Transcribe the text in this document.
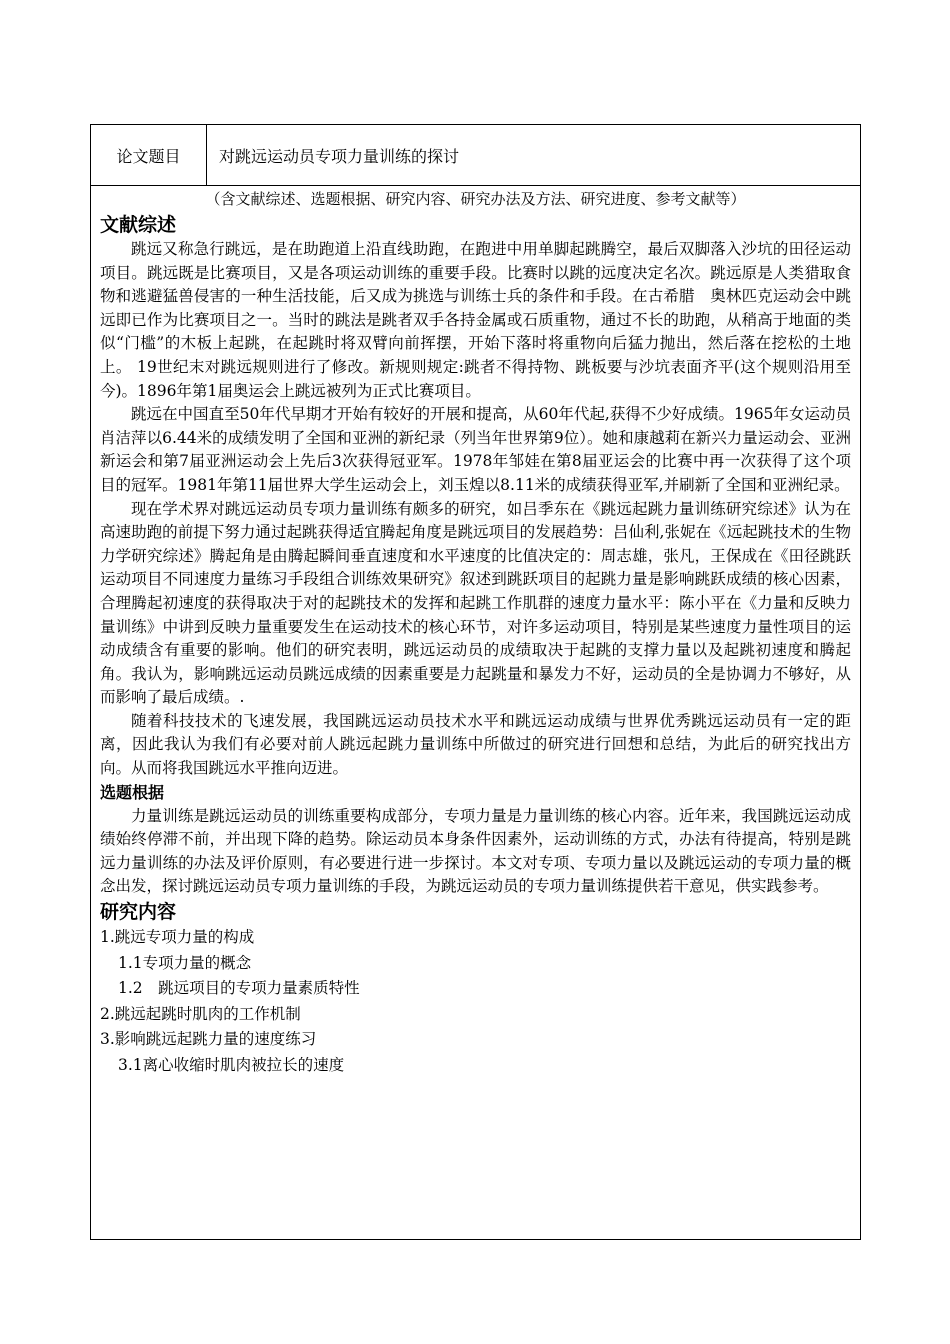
论文题目	对跳远运动员专项力量训练的探讨
（含文献综述、选题根据、研究内容、研究办法及方法、研究进度、参考文献等）
文献综述

跳远又称急行跳远，是在助跑道上沿直线助跑，在跑进中用单脚起跳腾空，最后双脚落入沙坑的田径运动项目。跳远既是比赛项目，又是各项运动训练的重要手段。比赛时以跳的远度决定名次。跳远原是人类猎取食物和逃避猛兽侵害的一种生活技能，后又成为挑选与训练士兵的条件和手段。在古希腊　奥林匹克运动会中跳远即已作为比赛项目之一。当时的跳法是跳者双手各持金属或石质重物，通过不长的助跑，从稍高于地面的类似“门槛”的木板上起跳，在起跳时将双臂向前挥摆，开始下落时将重物向后猛力抛出，然后落在挖松的土地上。 19世纪末对跳远规则进行了修改。新规则规定:跳者不得持物、跳板要与沙坑表面齐平(这个规则沿用至今)。1896年第1届奥运会上跳远被列为正式比赛项目。

跳远在中国直至50年代早期才开始有较好的开展和提高，从60年代起,获得不少好成绩。1965年女运动员肖洁萍以6.44米的成绩发明了全国和亚洲的新纪录（列当年世界第9位）。她和康越莉在新兴力量运动会、亚洲新运会和第7届亚洲运动会上先后3次获得冠亚军。1978年邹娃在第8届亚运会的比赛中再一次获得了这个项目的冠军。1981年第11届世界大学生运动会上，刘玉煌以8.11米的成绩获得亚军,并刷新了全国和亚洲纪录。

现在学术界对跳远运动员专项力量训练有颇多的研究，如吕季东在《跳远起跳力量训练研究综述》认为在高速助跑的前提下努力通过起跳获得适宜腾起角度是跳远项目的发展趋势：吕仙利,张妮在《远起跳技术的生物力学研究综述》腾起角是由腾起瞬间垂直速度和水平速度的比值决定的：周志雄，张凡，王保成在《田径跳跃运动项目不同速度力量练习手段组合训练效果研究》叙述到跳跃项目的起跳力量是影响跳跃成绩的核心因素，合理腾起初速度的获得取决于对的起跳技术的发挥和起跳工作肌群的速度力量水平：陈小平在《力量和反映力量训练》中讲到反映力量重要发生在运动技术的核心环节，对许多运动项目，特别是某些速度力量性项目的运动成绩含有重要的影响。他们的研究表明，跳远运动员的成绩取决于起跳的支撑力量以及起跳初速度和腾起角。我认为，影响跳远运动员跳远成绩的因素重要是力起跳量和暴发力不好，运动员的全是协调力不够好，从而影响了最后成绩。.

随着科技技术的飞速发展，我国跳远运动员技术水平和跳远运动成绩与世界优秀跳远运动员有一定的距离，因此我认为我们有必要对前人跳远起跳力量训练中所做过的研究进行回想和总结，为此后的研究找出方向。从而将我国跳远水平推向迈进。

选题根据

力量训练是跳远运动员的训练重要构成部分，专项力量是力量训练的核心内容。近年来，我国跳远运动成绩始终停滞不前，并出现下降的趋势。除运动员本身条件因素外，运动训练的方式，办法有待提高，特别是跳远力量训练的办法及评价原则，有必要进行进一步探讨。本文对专项、专项力量以及跳远运动的专项力量的概念出发，探讨跳远运动员专项力量训练的手段，为跳远运动员的专项力量训练提供若干意见，供实践参考。

研究内容
1.跳远专项力量的构成
1.1专项力量的概念
1.2　跳远项目的专项力量素质特性
2.跳远起跳时肌肉的工作机制
3.影响跳远起跳力量的速度练习
3.1离心收缩时肌肉被拉长的速度
